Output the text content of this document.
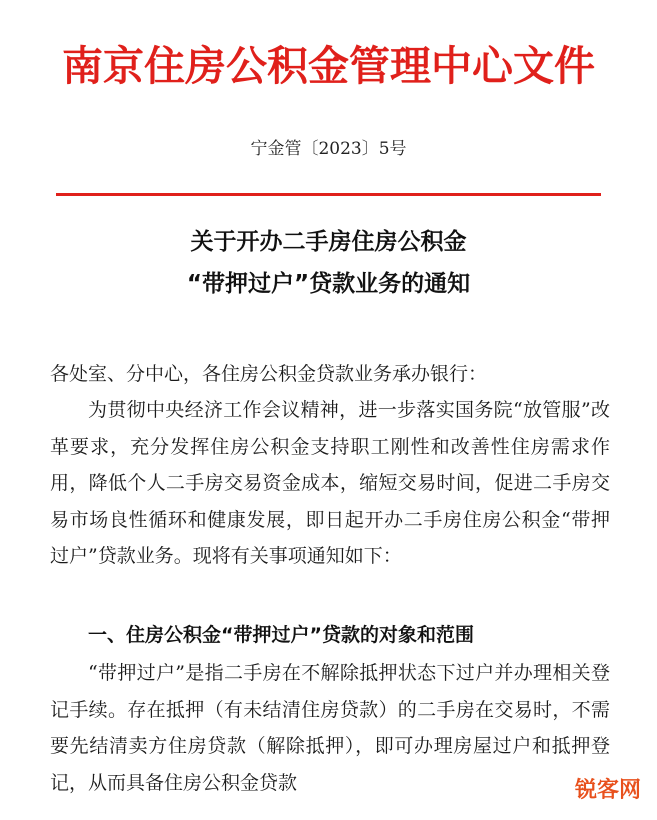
南京住房公积金管理中心文件
宁金管〔2023〕5号
关于开办二手房住房公积金
“带押过户”贷款业务的通知

各处室、分中心，各住房公积金贷款业务承办银行：

为贯彻中央经济工作会议精神，进一步落实国务院“放管服”改革要求，充分发挥住房公积金支持职工刚性和改善性住房需求作用，降低个人二手房交易资金成本，缩短交易时间，促进二手房交易市场良性循环和健康发展，即日起开办二手房住房公积金“带押过户”贷款业务。现将有关事项通知如下：

一、住房公积金“带押过户”贷款的对象和范围

“带押过户”是指二手房在不解除抵押状态下过户并办理相关登记手续。存在抵押（有未结清住房贷款）的二手房在交易时，不需要先结清卖方住房贷款（解除抵押），即可办理房屋过户和抵押登记，从而具备住房公积金贷款	锐客网
